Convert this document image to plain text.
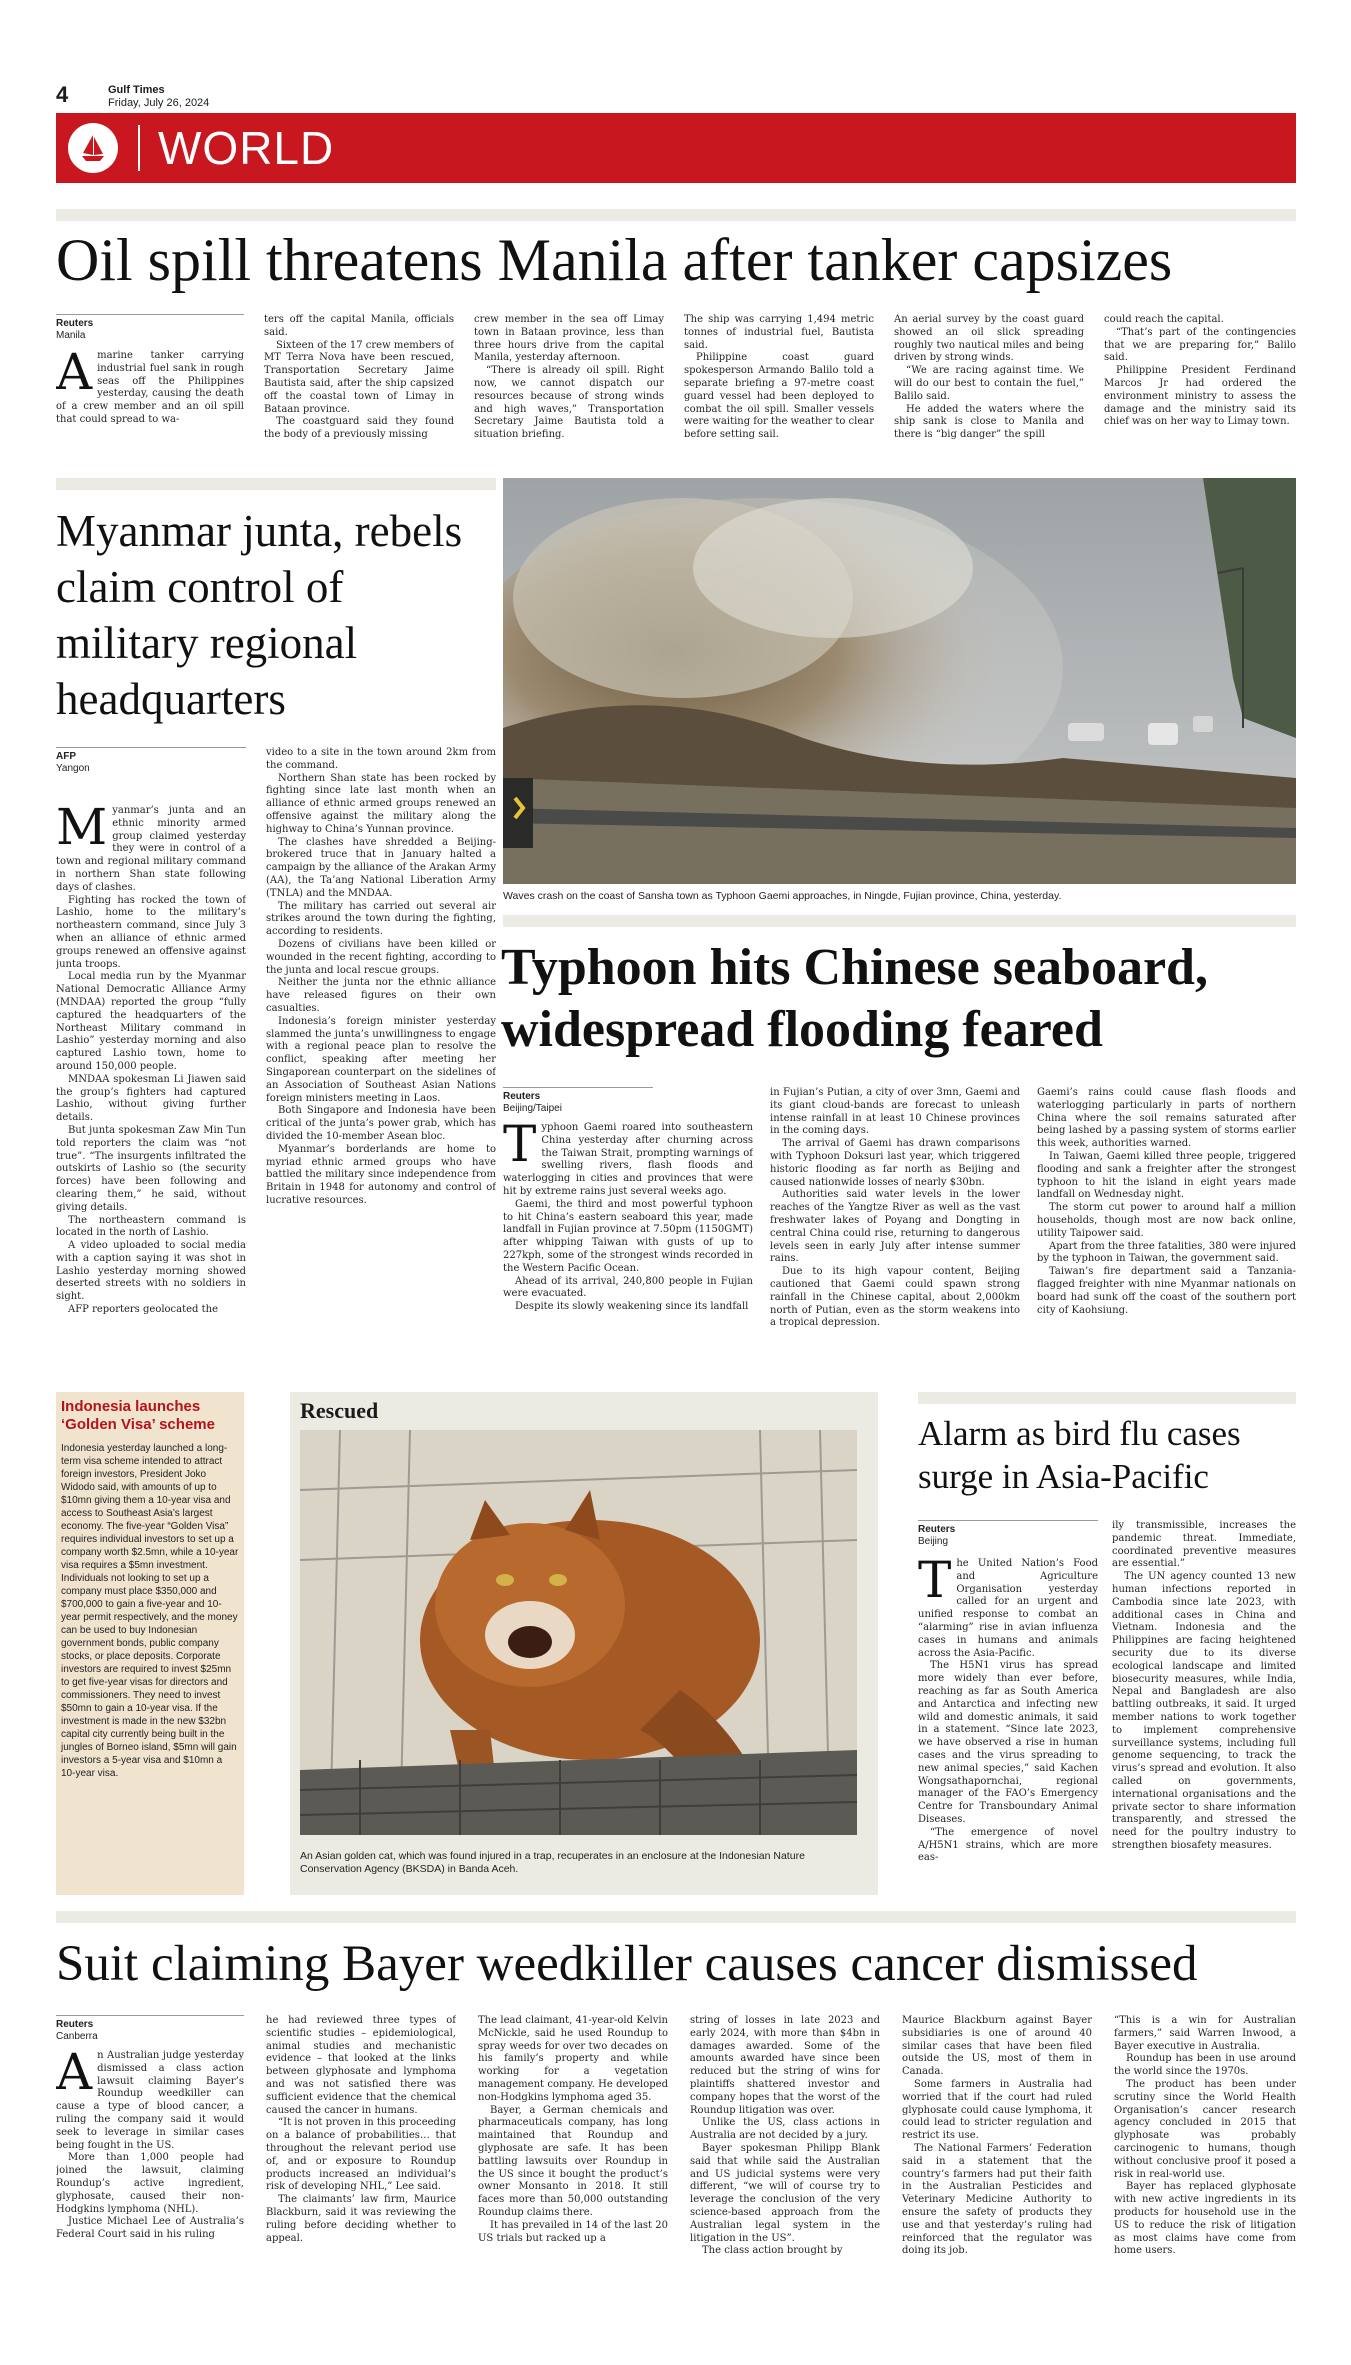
4	Gulf Times
Friday, July 26, 2024
WORLD
Oil spill threatens Manila after tanker capsizes
Reuters
Manila

Amarine tanker carrying industrial fuel sank in rough seas off the Philippines yesterday, causing the death of a crew member and an oil spill that could spread to wa-

ters off the capital Manila, officials said.

Sixteen of the 17 crew members of MT Terra Nova have been rescued, Transportation Secretary Jaime Bautista said, after the ship capsized off the coastal town of Limay in Bataan province.

The coastguard said they found the body of a previously missing

crew member in the sea off Limay town in Bataan province, less than three hours drive from the capital Manila, yesterday afternoon.

“There is already oil spill. Right now, we cannot dispatch our resources because of strong winds and high waves,” Transportation Secretary Jaime Bautista told a situation briefing.

The ship was carrying 1,494 metric tonnes of industrial fuel, Bautista said.

Philippine coast guard spokesperson Armando Balilo told a separate briefing a 97-metre coast guard vessel had been deployed to combat the oil spill. Smaller vessels were waiting for the weather to clear before setting sail.

An aerial survey by the coast guard showed an oil slick spreading roughly two nautical miles and being driven by strong winds.

“We are racing against time. We will do our best to contain the fuel,” Balilo said.

He added the waters where the ship sank is close to Manila and there is “big danger” the spill

could reach the capital.

“That’s part of the contingencies that we are preparing for,” Balilo said.

Philippine President Ferdinand Marcos Jr had ordered the environment ministry to assess the damage and the ministry said its chief was on her way to Limay town.

Myanmar junta, rebels claim control of military regional headquarters
AFP
Yangon

Myanmar’s junta and an ethnic minority armed group claimed yesterday they were in control of a town and regional military command in northern Shan state following days of clashes.

Fighting has rocked the town of Lashio, home to the military’s northeastern command, since July 3 when an alliance of ethnic armed groups renewed an offensive against junta troops.

Local media run by the Myanmar National Democratic Alliance Army (MNDAA) reported the group “fully captured the headquarters of the Northeast Military command in Lashio” yesterday morning and also captured Lashio town, home to around 150,000 people.

MNDAA spokesman Li Jiawen said the group’s fighters had captured Lashio, without giving further details.

But junta spokesman Zaw Min Tun told reporters the claim was “not true”. “The insurgents infiltrated the outskirts of Lashio so (the security forces) have been following and clearing them,” he said, without giving details.

The northeastern command is located in the north of Lashio.

A video uploaded to social media with a caption saying it was shot in Lashio yesterday morning showed deserted streets with no soldiers in sight.

AFP reporters geolocated the

video to a site in the town around 2km from the command.

Northern Shan state has been rocked by fighting since late last month when an alliance of ethnic armed groups renewed an offensive against the military along the highway to China’s Yunnan province.

The clashes have shredded a Beijing-brokered truce that in January halted a campaign by the alliance of the Arakan Army (AA), the Ta’ang National Liberation Army (TNLA) and the MNDAA.

The military has carried out several air strikes around the town during the fighting, according to residents.

Dozens of civilians have been killed or wounded in the recent fighting, according to the junta and local rescue groups.

Neither the junta nor the ethnic alliance have released figures on their own casualties.

Indonesia’s foreign minister yesterday slammed the junta’s unwillingness to engage with a regional peace plan to resolve the conflict, speaking after meeting her Singaporean counterpart on the sidelines of an Association of Southeast Asian Nations foreign ministers meeting in Laos.

Both Singapore and Indonesia have been critical of the junta’s power grab, which has divided the 10-member Asean bloc.

Myanmar’s borderlands are home to myriad ethnic armed groups who have battled the military since independence from Britain in 1948 for autonomy and control of lucrative resources.

Waves crash on the coast of Sansha town as Typhoon Gaemi approaches, in Ningde, Fujian province, China, yesterday.
Typhoon hits Chinese seaboard, widespread flooding feared
Reuters
Beijing/Taipei

Typhoon Gaemi roared into southeastern China yesterday after churning across the Taiwan Strait, prompting warnings of swelling rivers, flash floods and waterlogging in cities and provinces that were hit by extreme rains just several weeks ago.

Gaemi, the third and most powerful typhoon to hit China’s eastern seaboard this year, made landfall in Fujian province at 7.50pm (1150GMT) after whipping Taiwan with gusts of up to 227kph, some of the strongest winds recorded in the Western Pacific Ocean.

Ahead of its arrival, 240,800 people in Fujian were evacuated.

Despite its slowly weakening since its landfall

in Fujian’s Putian, a city of over 3mn, Gaemi and its giant cloud-bands are forecast to unleash intense rainfall in at least 10 Chinese provinces in the coming days.

The arrival of Gaemi has drawn comparisons with Typhoon Doksuri last year, which triggered historic flooding as far north as Beijing and caused nationwide losses of nearly $30bn.

Authorities said water levels in the lower reaches of the Yangtze River as well as the vast freshwater lakes of Poyang and Dongting in central China could rise, returning to dangerous levels seen in early July after intense summer rains.

Due to its high vapour content, Beijing cautioned that Gaemi could spawn strong rainfall in the Chinese capital, about 2,000km north of Putian, even as the storm weakens into a tropical depression.

Gaemi’s rains could cause flash floods and waterlogging particularly in parts of northern China where the soil remains saturated after being lashed by a passing system of storms earlier this week, authorities warned.

In Taiwan, Gaemi killed three people, triggered flooding and sank a freighter after the strongest typhoon to hit the island in eight years made landfall on Wednesday night.

The storm cut power to around half a million households, though most are now back online, utility Taipower said.

Apart from the three fatalities, 380 were injured by the typhoon in Taiwan, the government said.

Taiwan’s fire department said a Tanzania-flagged freighter with nine Myanmar nationals on board had sunk off the coast of the southern port city of Kaohsiung.

Indonesia launches ‘Golden Visa’ scheme
Indonesia yesterday launched a long-term visa scheme intended to attract foreign investors, President Joko Widodo said, with amounts of up to $10mn giving them a 10-year visa and access to Southeast Asia’s largest economy. The five-year “Golden Visa” requires individual investors to set up a company worth $2.5mn, while a 10-year visa requires a $5mn investment. Individuals not looking to set up a company must place $350,000 and $700,000 to gain a five-year and 10-year permit respectively, and the money can be used to buy Indonesian government bonds, public company stocks, or place deposits. Corporate investors are required to invest $25mn to get five-year visas for directors and commissioners. They need to invest $50mn to gain a 10-year visa. If the investment is made in the new $32bn capital city currently being built in the jungles of Borneo island, $5mn will gain investors a 5-year visa and $10mn a 10-year visa.
Rescued
An Asian golden cat, which was found injured in a trap, recuperates in an enclosure at the Indonesian Nature Conservation Agency (BKSDA) in Banda Aceh.
Alarm as bird flu cases surge in Asia-Pacific
Reuters
Beijing

The United Nation’s Food and Agriculture Organisation yesterday called for an urgent and unified response to combat an “alarming” rise in avian influenza cases in humans and animals across the Asia-Pacific.

The H5N1 virus has spread more widely than ever before, reaching as far as South America and Antarctica and infecting new wild and domestic animals, it said in a statement. “Since late 2023, we have observed a rise in human cases and the virus spreading to new animal species,” said Kachen Wongsathapornchai, regional manager of the FAO’s Emergency Centre for Transboundary Animal Diseases.

“The emergence of novel A/H5N1 strains, which are more eas-

ily transmissible, increases the pandemic threat. Immediate, coordinated preventive measures are essential.”

The UN agency counted 13 new human infections reported in Cambodia since late 2023, with additional cases in China and Vietnam. Indonesia and the Philippines are facing heightened security due to its diverse ecological landscape and limited biosecurity measures, while India, Nepal and Bangladesh are also battling outbreaks, it said. It urged member nations to work together to implement comprehensive surveillance systems, including full genome sequencing, to track the virus’s spread and evolution. It also called on governments, international organisations and the private sector to share information transparently, and stressed the need for the poultry industry to strengthen biosafety measures.

Suit claiming Bayer weedkiller causes cancer dismissed
Reuters
Canberra

An Australian judge yesterday dismissed a class action lawsuit claiming Bayer’s Roundup weedkiller can cause a type of blood cancer, a ruling the company said it would seek to leverage in similar cases being fought in the US.

More than 1,000 people had joined the lawsuit, claiming Roundup’s active ingredient, glyphosate, caused their non-Hodgkins lymphoma (NHL).

Justice Michael Lee of Australia’s Federal Court said in his ruling

he had reviewed three types of scientific studies – epidemiological, animal studies and mechanistic evidence – that looked at the links between glyphosate and lymphoma and was not satisfied there was sufficient evidence that the chemical caused the cancer in humans.

“It is not proven in this proceeding on a balance of probabilities… that throughout the relevant period use of, and or exposure to Roundup products increased an individual’s risk of developing NHL,” Lee said.

The claimants’ law firm, Maurice Blackburn, said it was reviewing the ruling before deciding whether to appeal.

The lead claimant, 41-year-old Kelvin McNickle, said he used Roundup to spray weeds for over two decades on his family’s property and while working for a vegetation management company. He developed non-Hodgkins lymphoma aged 35.

Bayer, a German chemicals and pharmaceuticals company, has long maintained that Roundup and glyphosate are safe. It has been battling lawsuits over Roundup in the US since it bought the product’s owner Monsanto in 2018. It still faces more than 50,000 outstanding Roundup claims there.

It has prevailed in 14 of the last 20 US trials but racked up a

string of losses in late 2023 and early 2024, with more than $4bn in damages awarded. Some of the amounts awarded have since been reduced but the string of wins for plaintiffs shattered investor and company hopes that the worst of the Roundup litigation was over.

Unlike the US, class actions in Australia are not decided by a jury.

Bayer spokesman Philipp Blank said that while said the Australian and US judicial systems were very different, “we will of course try to leverage the conclusion of the very science-based approach from the Australian legal system in the litigation in the US”.

The class action brought by

Maurice Blackburn against Bayer subsidiaries is one of around 40 similar cases that have been filed outside the US, most of them in Canada.

Some farmers in Australia had worried that if the court had ruled glyphosate could cause lymphoma, it could lead to stricter regulation and restrict its use.

The National Farmers’ Federation said in a statement that the country’s farmers had put their faith in the Australian Pesticides and Veterinary Medicine Authority to ensure the safety of products they use and that yesterday’s ruling had reinforced that the regulator was doing its job.

“This is a win for Australian farmers,” said Warren Inwood, a Bayer executive in Australia.

Roundup has been in use around the world since the 1970s.

The product has been under scrutiny since the World Health Organisation’s cancer research agency concluded in 2015 that glyphosate was probably carcinogenic to humans, though without conclusive proof it posed a risk in real-world use.

Bayer has replaced glyphosate with new active ingredients in its products for household use in the US to reduce the risk of litigation as most claims have come from home users.
